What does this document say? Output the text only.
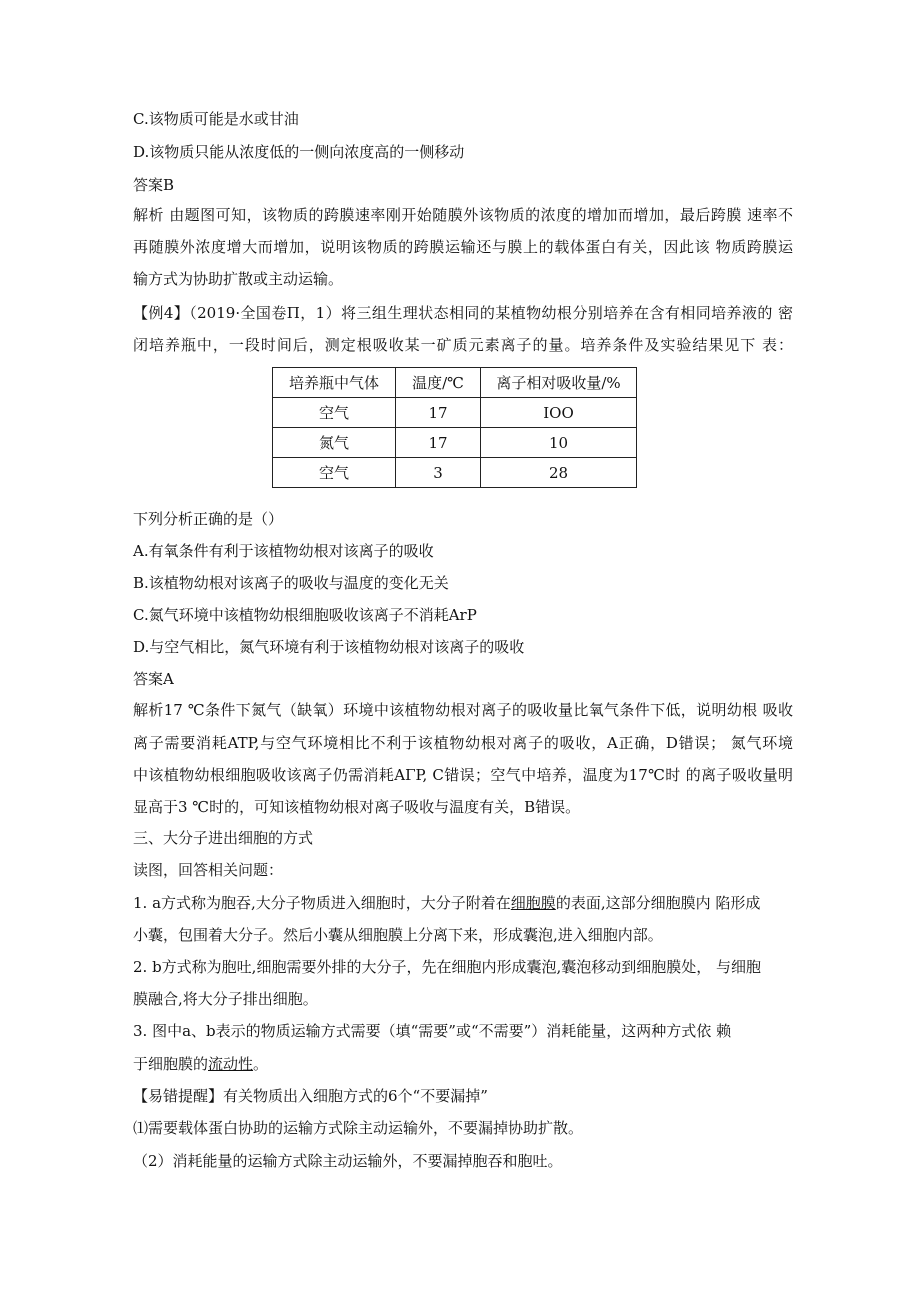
C.该物质可能是水或甘油
D.该物质只能从浓度低的一侧向浓度高的一侧移动
答案B
解析 由题图可知，该物质的跨膜速率刚开始随膜外该物质的浓度的增加而增加，最后跨膜 速率不
再随膜外浓度增大而增加，说明该物质的跨膜运输还与膜上的载体蛋白有关，因此该 物质跨膜运
输方式为协助扩散或主动运输。
【例4】（2019·全国卷Π，1）将三组生理状态相同的某植物幼根分别培养在含有相同培养液的 密
闭培养瓶中，一段时间后，测定根吸收某一矿质元素离子的量。培养条件及实验结果见下 表：
培养瓶中气体	温度/℃	离子相对吸收量/%
空气	17	IOO
氮气	17	10
空气	3	28
下列分析正确的是（）
A.有氧条件有利于该植物幼根对该离子的吸收
B.该植物幼根对该离子的吸收与温度的变化无关
C.氮气环境中该植物幼根细胞吸收该离子不消耗ArP
D.与空气相比，氮气环境有利于该植物幼根对该离子的吸收
答案A
解析17 ℃条件下氮气（缺氧）环境中该植物幼根对离子的吸收量比氧气条件下低，说明幼根 吸收
离子需要消耗ATP,与空气环境相比不利于该植物幼根对离子的吸收，A正确，D错误； 氮气环境
中该植物幼根细胞吸收该离子仍需消耗AΓP, C错误；空气中培养，温度为17℃时 的离子吸收量明
显高于3 ℃时的，可知该植物幼根对离子吸收与温度有关，B错误。
三、大分子进出细胞的方式
读图，回答相关问题：
1. a方式称为胞吞,大分子物质进入细胞时，大分子附着在细胞膜的表面,这部分细胞膜内 陷形成
小囊，包围着大分子。然后小囊从细胞膜上分离下来，形成囊泡,进入细胞内部。
2. b方式称为胞吐,细胞需要外排的大分子，先在细胞内形成囊泡,囊泡移动到细胞膜处， 与细胞
膜融合,将大分子排出细胞。
3. 图中a、b表示的物质运输方式需要（填“需要”或“不需要”）消耗能量，这两种方式依 赖
于细胞膜的流动性。
【易错提醒】有关物质出入细胞方式的6个“不要漏掉”
⑴需要载体蛋白协助的运输方式除主动运输外，不要漏掉协助扩散。
（2）消耗能量的运输方式除主动运输外，不要漏掉胞吞和胞吐。
